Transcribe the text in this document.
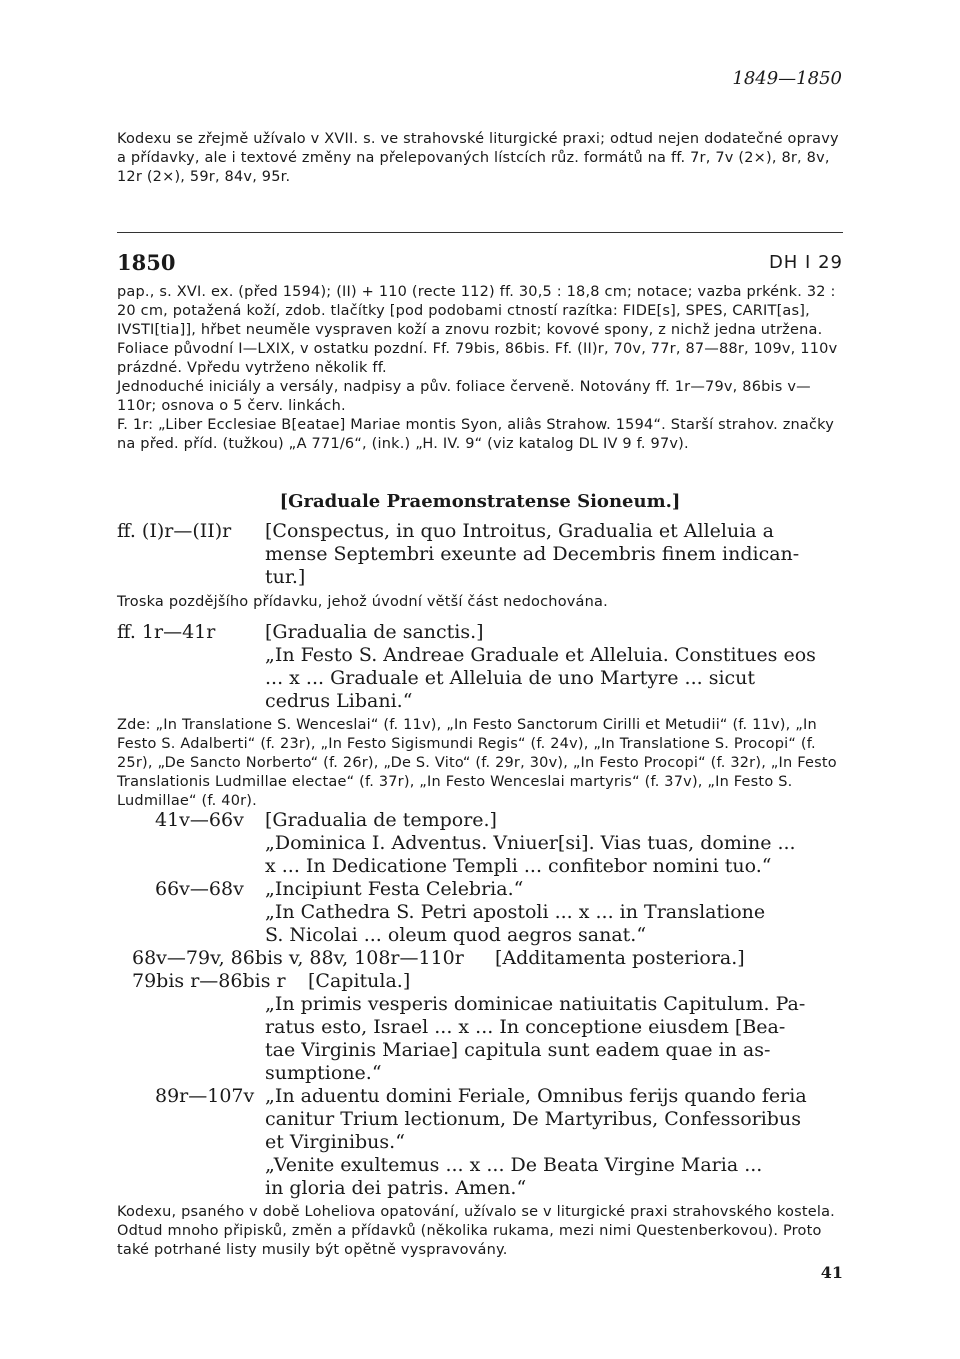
1849—1850
Kodexu se zřejmě užívalo v XVII. s. ve strahovské liturgické praxi; odtud nejen dodatečné opravy a přídavky, ale i textové změny na přelepovaných lístcích růz. formátů na ff. 7r, 7v (2×), 8r, 8v, 12r (2×), 59r, 84v, 95r.
1850	DH I 29

pap., s. XVI. ex. (před 1594); (II) + 110 (recte 112) ff. 30,5 : 18,8 cm; notace; vazba prkénk. 32 : 20 cm, potažená koží, zdob. tlačítky [pod podobami ctností razítka: FIDE[s], SPES, CARIT[as], IVSTI[tia]], hřbet neuměle vyspraven koží a znovu rozbit; kovové spony, z nichž jedna utržena.

Foliace původní I—LXIX, v ostatku pozdní. Ff. 79bis, 86bis. Ff. (II)r, 70v, 77r, 87—88r, 109v, 110v prázdné. Vpředu vytrženo několik ff.

Jednoduché iniciály a versály, nadpisy a pův. foliace červeně. Notovány ff. 1r—79v, 86bis v—110r; osnova o 5 červ. linkách.

F. 1r: „Liber Ecclesiae B[eatae] Mariae montis Syon, aliâs Strahow. 1594“. Starší strahov. značky na před. příd. (tužkou) „A 771/6“, (ink.) „H. IV. 9“ (viz katalog DL IV 9 f. 97v).

[Graduale Praemonstratense Sioneum.]
ff. (I)r—(II)r [Conspectus, in quo Introitus, Gradualia et Alleluia a
mense Septembri exeunte ad Decembris finem indican-
tur.]
Troska pozdějšího přídavku, jehož úvodní větší část nedochována.
ff. 1r—41r	[Gradualia de sanctis.]
„In Festo S. Andreae Graduale et Alleluia. Constitues eos
... x ... Graduale et Alleluia de uno Martyre ... sicut
cedrus Libani.“
Zde: „In Translatione S. Wenceslai“ (f. 11v), „In Festo Sanctorum Cirilli et Metudii“ (f. 11v), „In Festo S. Adalberti“ (f. 23r), „In Festo Sigismundi Regis“ (f. 24v), „In Translatione S. Procopi“ (f. 25r), „De Sancto Norberto“ (f. 26r), „De S. Vito“ (f. 29r, 30v), „In Festo Procopi“ (f. 32r), „In Festo Translationis Ludmillae electae“ (f. 37r), „In Festo Wenceslai martyris“ (f. 37v), „In Festo S. Ludmillae“ (f. 40r).
41v—66v [Gradualia de tempore.]
„Dominica I. Adventus. Vniuer[si]. Vias tuas, domine ...
x ... In Dedicatione Templi ... confitebor nomini tuo.“
66v—68v „Incipiunt Festa Celebria.“
„In Cathedra S. Petri apostoli ... x ... in Translatione
S. Nicolai ... oleum quod aegros sanat.“
68v—79v, 86bis v, 88v, 108r—110r [Additamenta posteriora.]
79bis r—86bis r [Capitula.]
„In primis vesperis dominicae natiuitatis Capitulum. Pa-
ratus esto, Israel ... x ... In conceptione eiusdem [Bea-
tae Virginis Mariae] capitula sunt eadem quae in as-
sumptione.“
89r—107v „In aduentu domini Feriale, Omnibus ferijs quando feria
canitur Trium lectionum, De Martyribus, Confessoribus
et Virginibus.“
„Venite exultemus ... x ... De Beata Virgine Maria ...
in gloria dei patris. Amen.“
Kodexu, psaného v době Loheliova opatování, užívalo se v liturgické praxi strahovského kostela. Odtud mnoho připisků, změn a přídavků (několika rukama, mezi nimi Questenberkovou). Proto také potrhané listy musily být opětně vyspravovány.
41
